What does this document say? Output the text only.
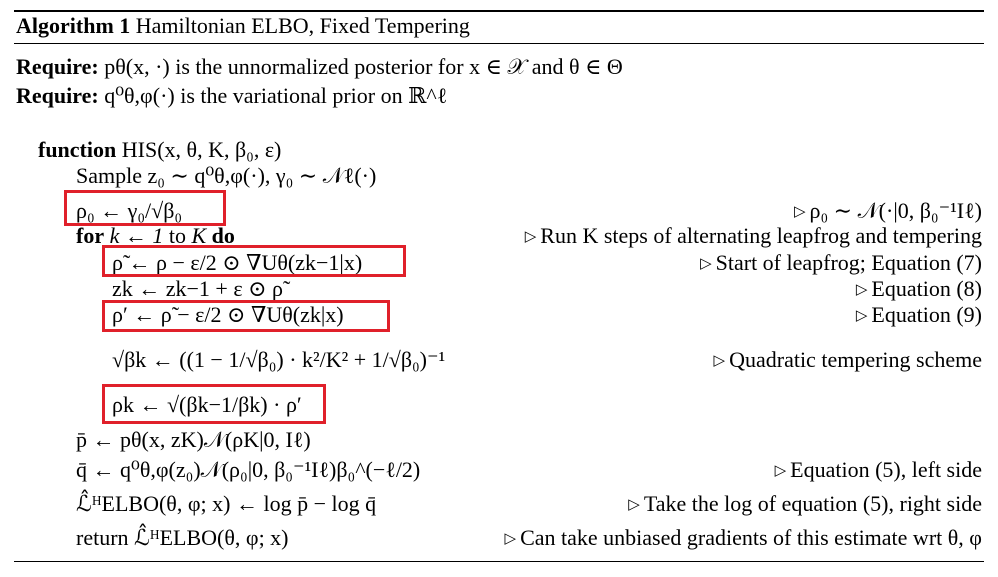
Algorithm 1 Hamiltonian ELBO, Fixed Tempering
Require: pθ(x, ·) is the unnormalized posterior for x ∈ 𝒳 and θ ∈ Θ
Require: q⁰θ,φ(·) is the variational prior on ℝ^ℓ
function HIS(x, θ, K, β₀, ε)
Sample z₀ ∼ q⁰θ,φ(·), γ₀ ∼ 𝒩ℓ(·)
ρ₀ ← γ₀/√β₀	▷ ρ₀ ∼ 𝒩(·|0, β₀⁻¹Iℓ)
for k ← 1 to K do	▷ Run K steps of alternating leapfrog and tempering
ρ̃ ← ρ − ε/2 ⊙ ∇Uθ(zk−1|x)	▷ Start of leapfrog; Equation (7)
zk ← zk−1 + ε ⊙ ρ̃	▷ Equation (8)
ρ′ ← ρ̃ − ε/2 ⊙ ∇Uθ(zk|x)	▷ Equation (9)
√βk ← ((1 − 1/√β₀) · k²/K² + 1/√β₀)⁻¹	▷ Quadratic tempering scheme
ρk ← √(βk−1/βk) · ρ′
p̄ ← pθ(x, zK)𝒩(ρK|0, Iℓ)
q̄ ← q⁰θ,φ(z₀)𝒩(ρ₀|0, β₀⁻¹Iℓ)β₀^(−ℓ/2)	▷ Equation (5), left side
ℒ̂ᴴELBO(θ, φ; x) ← log p̄ − log q̄	▷ Take the log of equation (5), right side
return ℒ̂ᴴELBO(θ, φ; x)	▷ Can take unbiased gradients of this estimate wrt θ, φ
